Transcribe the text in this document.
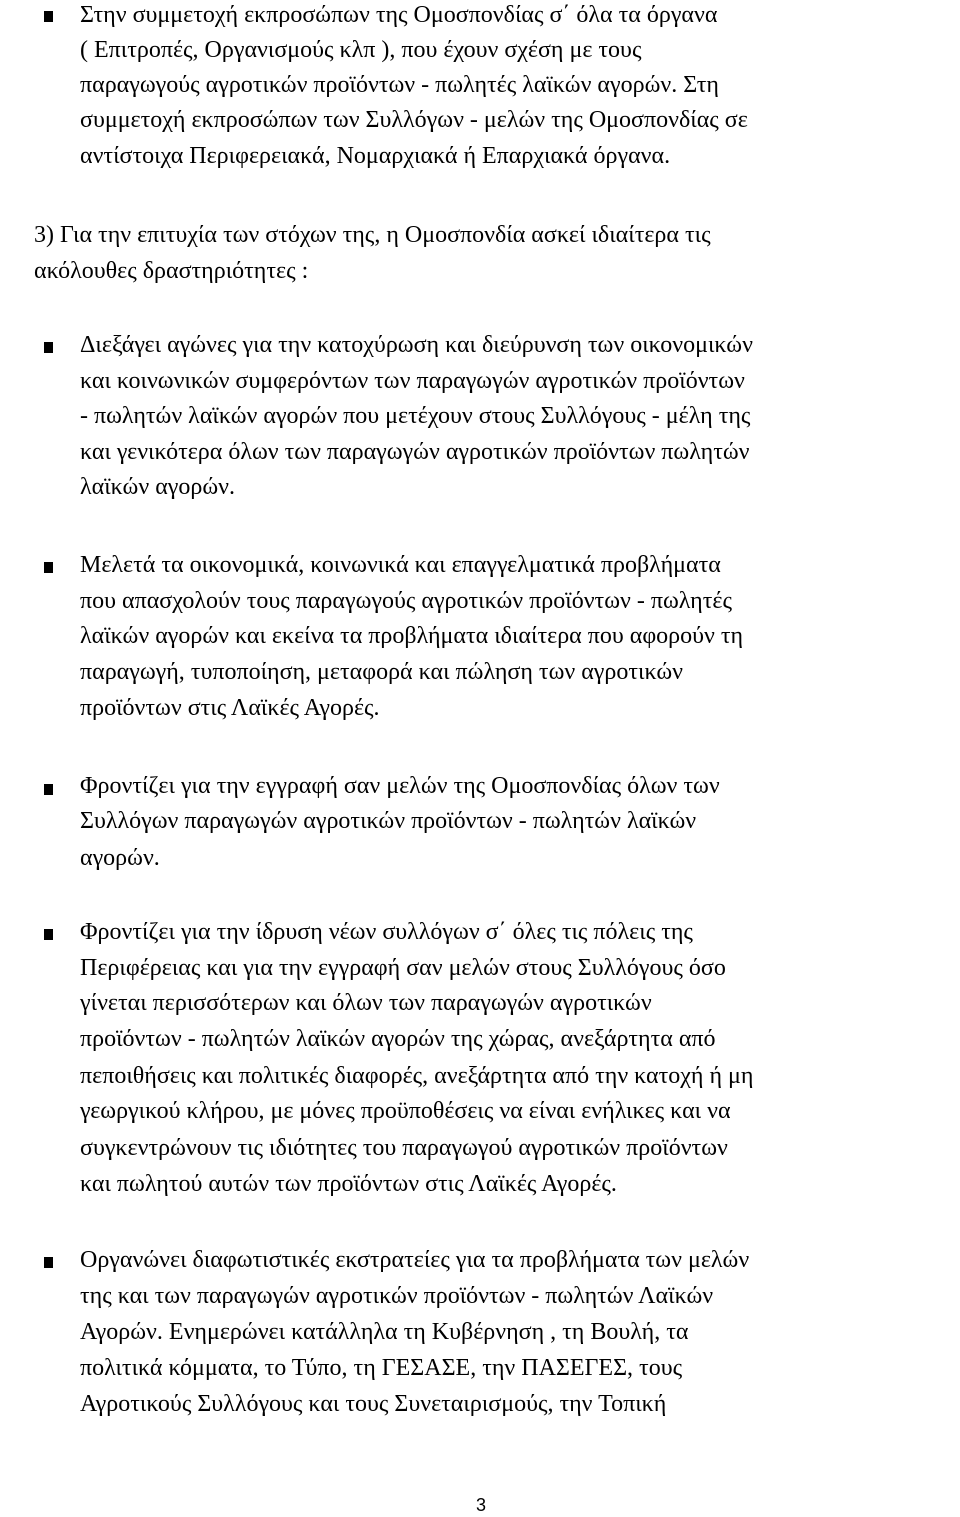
Στην συμμετοχή εκπροσώπων της Ομοσπονδίας σ΄ όλα τα όργανα
( Επιτροπές, Οργανισμούς κλπ ), που έχουν σχέση με τους
παραγωγούς αγροτικών προϊόντων - πωλητές λαϊκών αγορών. Στη
συμμετοχή εκπροσώπων των Συλλόγων - μελών της Ομοσπονδίας σε
αντίστοιχα Περιφερειακά, Νομαρχιακά ή Επαρχιακά όργανα.
3) Για την επιτυχία των στόχων της, η Ομοσπονδία ασκεί ιδιαίτερα τις
ακόλουθες δραστηριότητες :
Διεξάγει αγώνες για την κατοχύρωση και διεύρυνση των οικονομικών
και κοινωνικών συμφερόντων των παραγωγών αγροτικών προϊόντων
- πωλητών λαϊκών αγορών που μετέχουν στους Συλλόγους - μέλη της
και γενικότερα όλων των παραγωγών αγροτικών προϊόντων πωλητών
λαϊκών αγορών.
Μελετά τα οικονομικά, κοινωνικά και επαγγελματικά προβλήματα
που απασχολούν τους παραγωγούς αγροτικών προϊόντων - πωλητές
λαϊκών αγορών και εκείνα τα προβλήματα ιδιαίτερα που αφορούν τη
παραγωγή, τυποποίηση, μεταφορά και πώληση των αγροτικών
προϊόντων στις Λαϊκές Αγορές.
Φροντίζει για την εγγραφή σαν μελών της Ομοσπονδίας όλων των
Συλλόγων παραγωγών αγροτικών προϊόντων - πωλητών λαϊκών
αγορών.
Φροντίζει για την ίδρυση νέων συλλόγων σ΄ όλες τις πόλεις της
Περιφέρειας και για την εγγραφή σαν μελών στους Συλλόγους όσο
γίνεται περισσότερων και όλων των παραγωγών αγροτικών
προϊόντων - πωλητών λαϊκών αγορών της χώρας, ανεξάρτητα από
πεποιθήσεις και πολιτικές διαφορές, ανεξάρτητα από την κατοχή ή μη
γεωργικού κλήρου, με μόνες προϋποθέσεις να είναι ενήλικες και να
συγκεντρώνουν τις ιδιότητες του παραγωγού αγροτικών προϊόντων
και πωλητού αυτών των προϊόντων στις Λαϊκές Αγορές.
Οργανώνει διαφωτιστικές εκστρατείες για τα προβλήματα των μελών
της και των παραγωγών αγροτικών προϊόντων - πωλητών Λαϊκών
Αγορών. Ενημερώνει κατάλληλα τη Κυβέρνηση , τη Βουλή, τα
πολιτικά κόμματα, το Τύπο, τη ΓΕΣΑΣΕ, την ΠΑΣΕΓΕΣ, τους
Αγροτικούς Συλλόγους και τους Συνεταιρισμούς, την Τοπική
3
